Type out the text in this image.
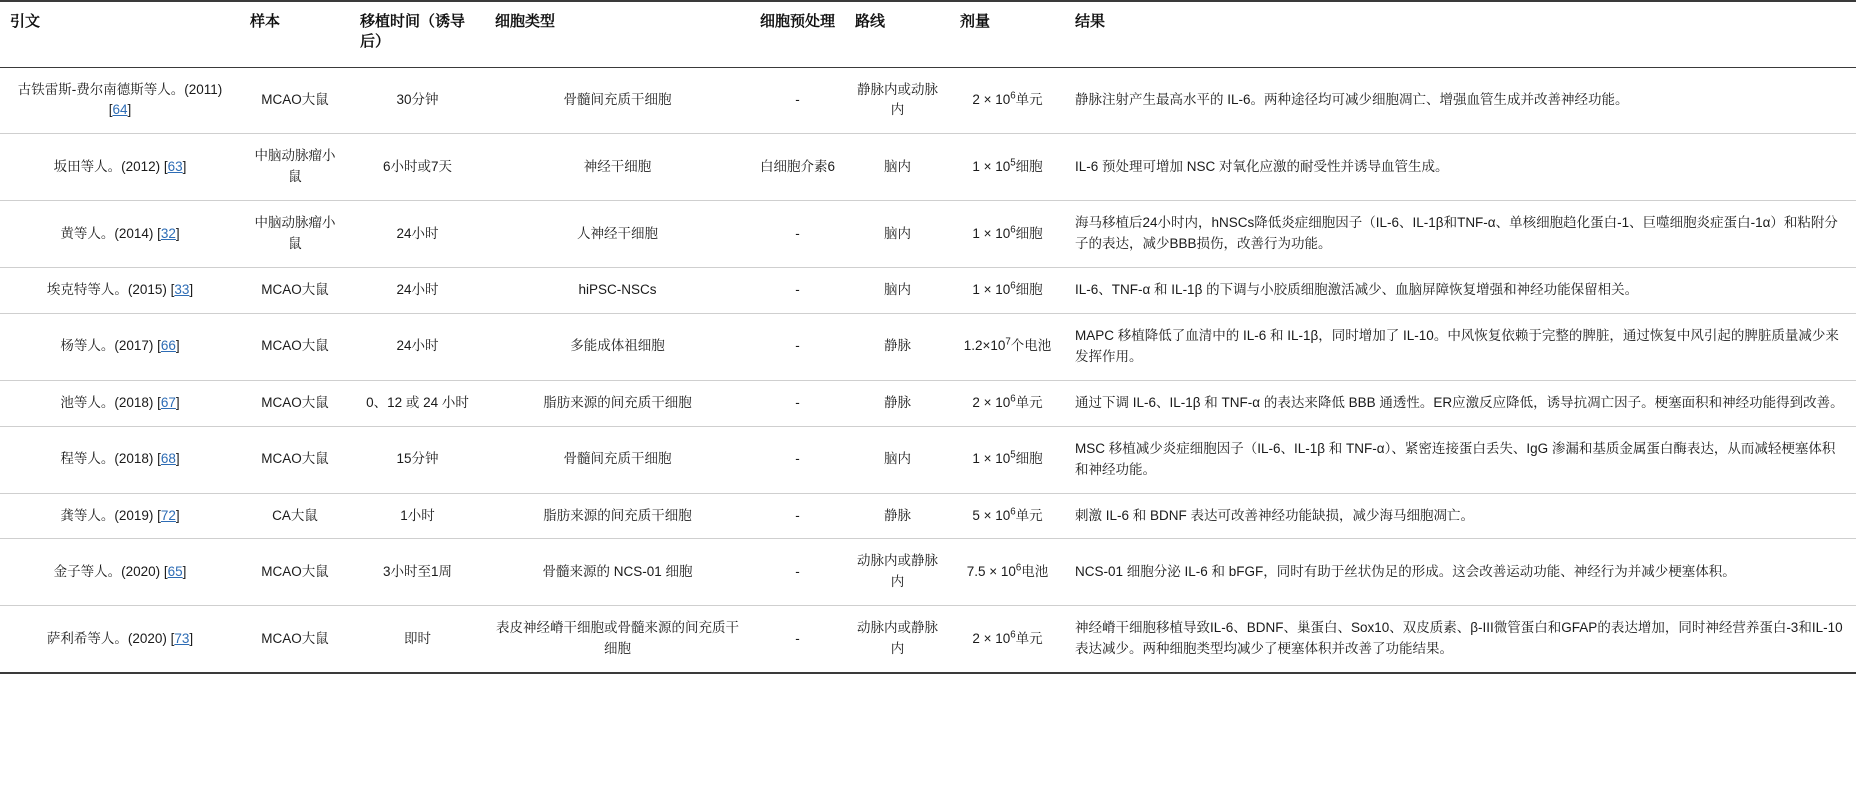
引文	样本	移植时间（诱导后）	细胞类型	细胞预处理	路线	剂量	结果
古铁雷斯-费尔南德斯等人。(2011) [64]	MCAO大鼠	30分钟	骨髓间充质干细胞	-	静脉内或动脉内	$2 \times 10^6$单元	静脉注射产生最高水平的 IL-6。两种途径均可减少细胞凋亡、增强血管生成并改善神经功能。
坂田等人。(2012) [63]	中脑动脉瘤小鼠	6小时或7天	神经干细胞	白细胞介素6	脑内	$1 \times 10^5$细胞	IL-6 预处理可增加 NSC 对氧化应激的耐受性并诱导血管生成。
黄等人。(2014) [32]	中脑动脉瘤小鼠	24小时	人神经干细胞	-	脑内	$1 \times 10^6$细胞	海马移植后24小时内，hNSCs降低炎症细胞因子（IL-6、IL-1β和TNF-α、单核细胞趋化蛋白-1、巨噬细胞炎症蛋白-1α）和粘附分子的表达，减少BBB损伤，改善行为功能。
埃克特等人。(2015) [33]	MCAO大鼠	24小时	hiPSC-NSCs	-	脑内	$1 \times 10^6$细胞	IL-6、TNF-α 和 IL-1β 的下调与小胶质细胞激活减少、血脑屏障恢复增强和神经功能保留相关。
杨等人。(2017) [66]	MCAO大鼠	24小时	多能成体祖细胞	-	静脉	$1.2\times 10^7$个电池	MAPC 移植降低了血清中的 IL-6 和 IL-1β，同时增加了 IL-10。中风恢复依赖于完整的脾脏，通过恢复中风引起的脾脏质量减少来发挥作用。
池等人。(2018) [67]	MCAO大鼠	0、12 或 24 小时	脂肪来源的间充质干细胞	-	静脉	$2 \times 10^6$单元	通过下调 IL-6、IL-1β 和 TNF-α 的表达来降低 BBB 通透性。ER应激反应降低，诱导抗凋亡因子。梗塞面积和神经功能得到改善。
程等人。(2018) [68]	MCAO大鼠	15分钟	骨髓间充质干细胞	-	脑内	$1 \times 10^5$细胞	MSC 移植减少炎症细胞因子（IL-6、IL-1β 和 TNF-α）、紧密连接蛋白丢失、IgG 渗漏和基质金属蛋白酶表达，从而减轻梗塞体积和神经功能。
龚等人。(2019) [72]	CA大鼠	1小时	脂肪来源的间充质干细胞	-	静脉	$5 \times 10^6$单元	刺激 IL-6 和 BDNF 表达可改善神经功能缺损，减少海马细胞凋亡。
金子等人。(2020) [65]	MCAO大鼠	3小时至1周	骨髓来源的 NCS-01 细胞	-	动脉内或静脉内	$7.5 \times 10^6$电池	NCS-01 细胞分泌 IL-6 和 bFGF，同时有助于丝状伪足的形成。这会改善运动功能、神经行为并减少梗塞体积。
萨利希等人。(2020) [73]	MCAO大鼠	即时	表皮神经嵴干细胞或骨髓来源的间充质干细胞	-	动脉内或静脉内	$2 \times 10^6$单元	神经嵴干细胞移植导致IL-6、BDNF、巢蛋白、Sox10、双皮质素、β-III微管蛋白和GFAP的表达增加，同时神经营养蛋白-3和IL-10表达减少。两种细胞类型均减少了梗塞体积并改善了功能结果。
